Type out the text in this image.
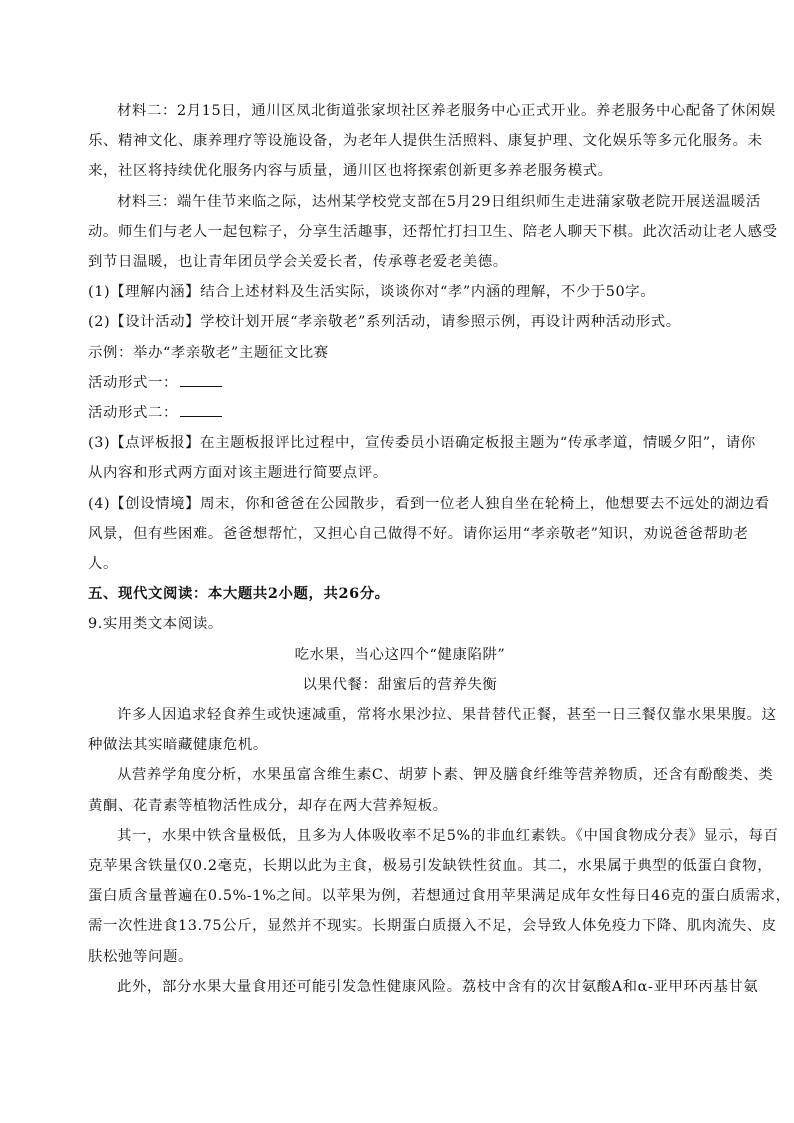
材料二：2月15日，通川区凤北街道张家坝社区养老服务中心正式开业。养老服务中心配备了休闲娱

乐、精神文化、康养理疗等设施设备，为老年人提供生活照料、康复护理、文化娱乐等多元化服务。未

来，社区将持续优化服务内容与质量，通川区也将探索创新更多养老服务模式。

材料三：端午佳节来临之际，达州某学校党支部在5月29日组织师生走进蒲家敬老院开展送温暖活

动。师生们与老人一起包粽子，分享生活趣事，还帮忙打扫卫生、陪老人聊天下棋。此次活动让老人感受

到节日温暖，也让青年团员学会关爱长者，传承尊老爱老美德。

(1)【理解内涵】结合上述材料及生活实际，谈谈你对“孝”内涵的理解，不少于50字。

(2)【设计活动】学校计划开展“孝亲敬老”系列活动，请参照示例，再设计两种活动形式。

示例：举办“孝亲敬老”主题征文比赛

活动形式一：

活动形式二：

(3)【点评板报】在主题板报评比过程中，宣传委员小语确定板报主题为“传承孝道，情暖夕阳”，请你

从内容和形式两方面对该主题进行简要点评。

(4)【创设情境】周末，你和爸爸在公园散步，看到一位老人独自坐在轮椅上，他想要去不远处的湖边看

风景，但有些困难。爸爸想帮忙，又担心自己做得不好。请你运用“孝亲敬老”知识，劝说爸爸帮助老

人。

五、现代文阅读：本大题共2小题，共26分。

9.实用类文本阅读。

吃水果，当心这四个“健康陷阱”

以果代餐：甜蜜后的营养失衡

许多人因追求轻食养生或快速减重，常将水果沙拉、果昔替代正餐，甚至一日三餐仅靠水果果腹。这

种做法其实暗藏健康危机。

从营养学角度分析，水果虽富含维生素C、胡萝卜素、钾及膳食纤维等营养物质，还含有酚酸类、类

黄酮、花青素等植物活性成分，却存在两大营养短板。

其一，水果中铁含量极低，且多为人体吸收率不足5%的非血红素铁。《中国食物成分表》显示，每百

克苹果含铁量仅0.2毫克，长期以此为主食，极易引发缺铁性贫血。其二，水果属于典型的低蛋白食物，

蛋白质含量普遍在0.5%-1%之间。以苹果为例，若想通过食用苹果满足成年女性每日46克的蛋白质需求，

需一次性进食13.75公斤，显然并不现实。长期蛋白质摄入不足，会导致人体免疫力下降、肌肉流失、皮

肤松弛等问题。

此外，部分水果大量食用还可能引发急性健康风险。荔枝中含有的次甘氨酸A和α-亚甲环丙基甘氨
